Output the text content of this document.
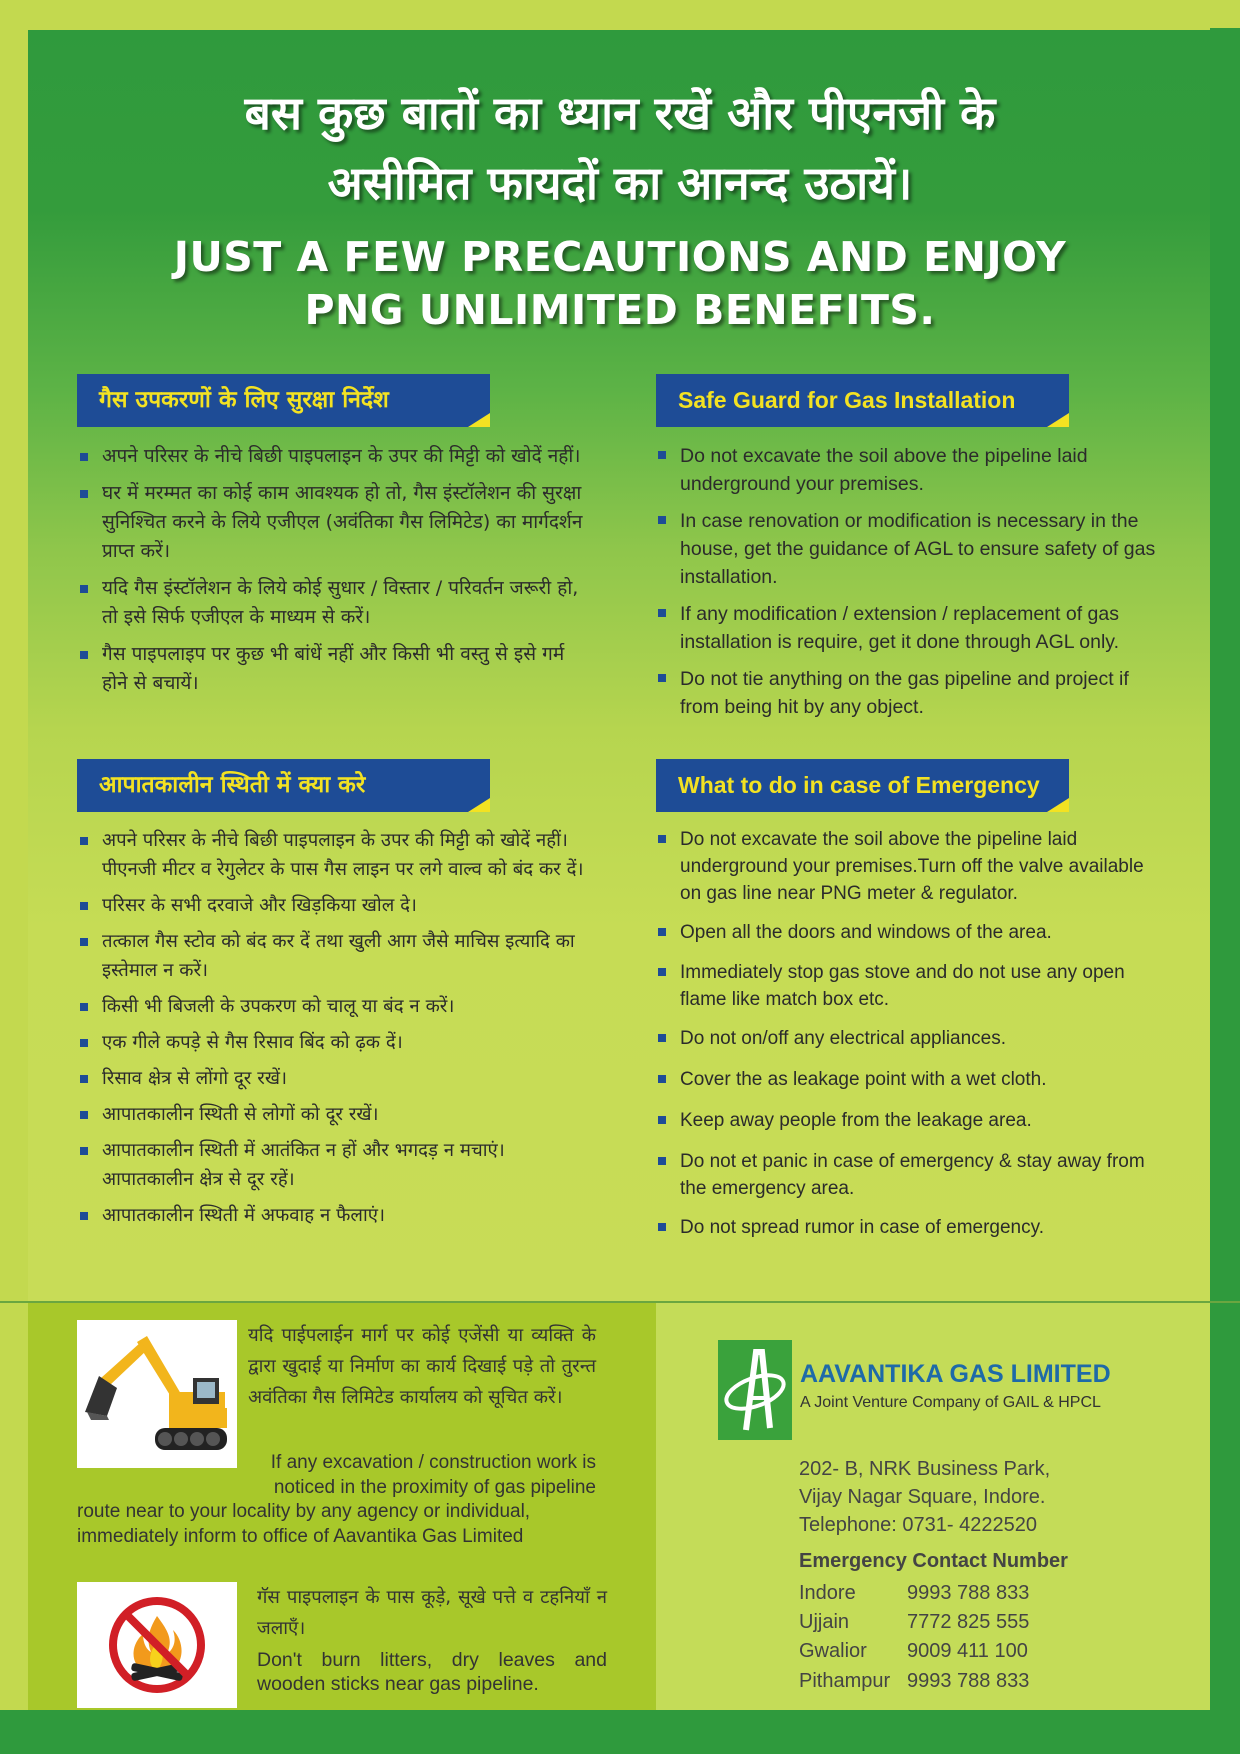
बस कुछ बातों का ध्यान रखें और पीएनजी के
असीमित फायदों का आनन्द उठायें।
JUST A FEW PRECAUTIONS AND ENJOY
PNG UNLIMITED BENEFITS.
गैस उपकरणों के लिए सुरक्षा निर्देश
अपने परिसर के नीचे बिछी पाइपलाइन के उपर की मिट्टी को खोदें नहीं।
घर में मरम्मत का कोई काम आवश्यक हो तो, गैस इंस्टॉलेशन की सुरक्षा सुनिश्चित करने के लिये एजीएल (अवंतिका गैस लिमिटेड) का मार्गदर्शन प्राप्त करें।
यदि गैस इंस्टॉलेशन के लिये कोई सुधार / विस्तार / परिवर्तन जरूरी हो, तो इसे सिर्फ एजीएल के माध्यम से करें।
गैस पाइपलाइप पर कुछ भी बांधें नहीं और किसी भी वस्तु से इसे गर्म होने से बचायें।
Safe Guard for Gas Installation
Do not excavate the soil above the pipeline laid underground your premises.
In case renovation or modification is necessary in the house, get the guidance of AGL to ensure safety of gas installation.
If any modification / extension / replacement of gas installation is require, get it done through AGL only.
Do not tie anything on the gas pipeline and project if from being hit by any object.
आपातकालीन स्थिती में क्या करे
अपने परिसर के नीचे बिछी पाइपलाइन के उपर की मिट्टी को खोदें नहीं। पीएनजी मीटर व रेगुलेटर के पास गैस लाइन पर लगे वाल्व को बंद कर दें।
परिसर के सभी दरवाजे और खिड़किया खोल दे।
तत्काल गैस स्टोव को बंद कर दें तथा खुली आग जैसे माचिस इत्यादि का इस्तेमाल न करें।
किसी भी बिजली के उपकरण को चालू या बंद न करें।
एक गीले कपड़े से गैस रिसाव बिंद को ढ़क दें।
रिसाव क्षेत्र से लोंगो दूर रखें।
आपातकालीन स्थिती से लोगों को दूर रखें।
आपातकालीन स्थिती में आतंकित न हों और भगदड़ न मचाएं। आपातकालीन क्षेत्र से दूर रहें।
आपातकालीन स्थिती में अफवाह न फैलाएं।
What to do in case of Emergency
Do not excavate the soil above the pipeline laid underground your premises.Turn off the valve available on gas line near PNG meter & regulator.
Open all the doors and windows of the area.
Immediately stop gas stove and do not use any open flame like match box etc.
Do not on/off any electrical appliances.
Cover the as leakage point with a wet cloth.
Keep away people from the leakage area.
Do not et panic in case of emergency & stay away from the emergency area.
Do not spread rumor in case of emergency.
यदि पाईपलाईन मार्ग पर कोई एजेंसी या व्यक्ति के द्वारा खुदाई या निर्माण का कार्य दिखाई पड़े तो तुरन्त अवंतिका गैस लिमिटेड कार्यालय को सूचित करें।
If any excavation / construction work is
noticed in the proximity of gas pipeline
route near to your locality by any agency or individual,
immediately inform to office of Aavantika Gas Limited
गॅस पाइपलाइन के पास कूड़े, सूखे पत्ते व टहनियाँ न जलाएँ।
Don't burn litters, dry leaves and wooden sticks near gas pipeline.
AAVANTIKA GAS LIMITED
A Joint Venture Company of GAIL & HPCL
202- B, NRK Business Park,
Vijay Nagar Square, Indore.
Telephone: 0731- 4222520
Emergency Contact Number
Indore	9993 788 833
Ujjain	7772 825 555
Gwalior 9009 411 100
Pithampur 9993 788 833
